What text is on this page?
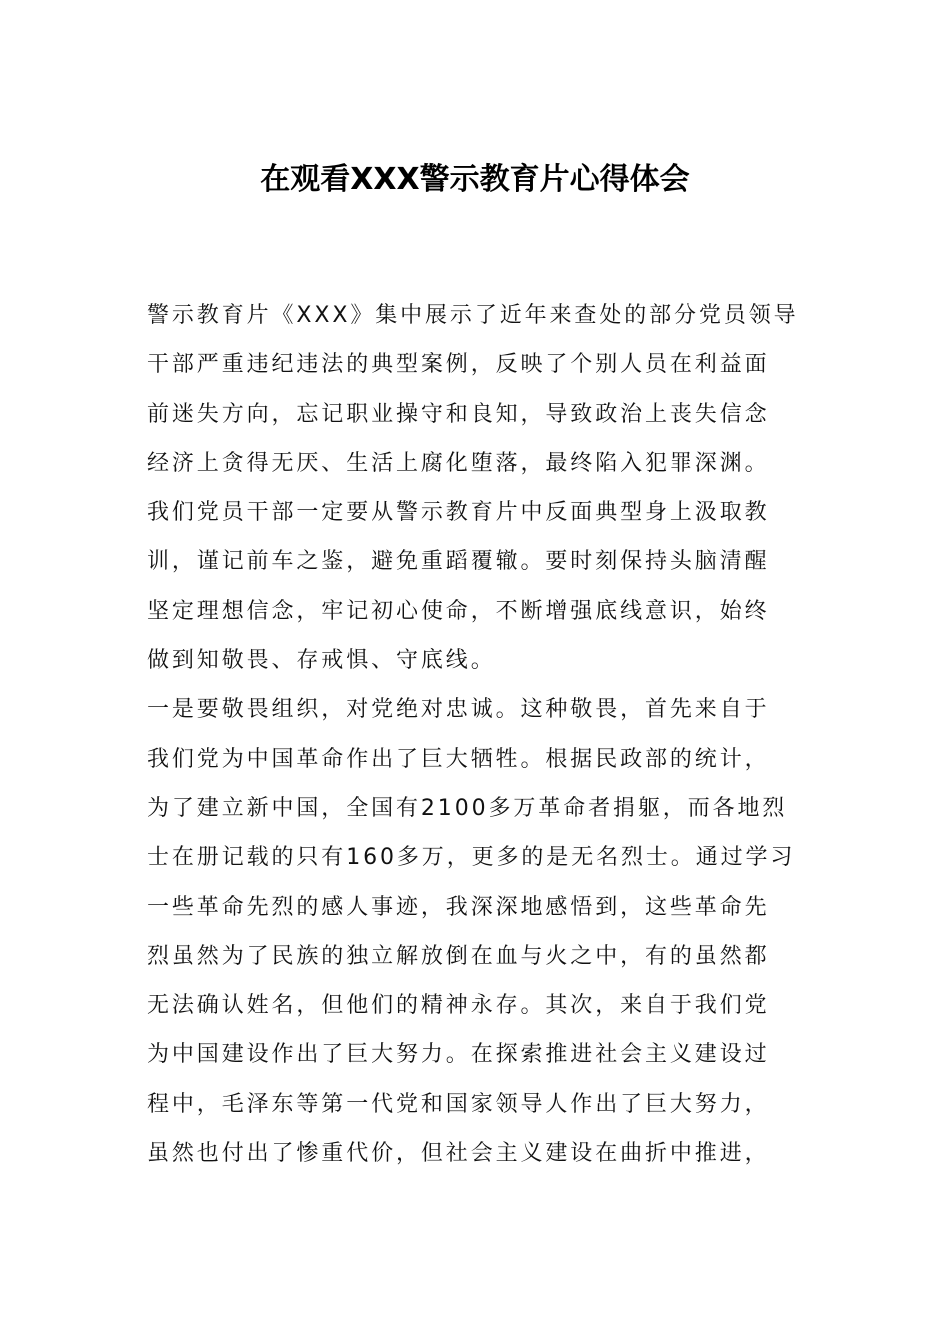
在观看XXX警示教育片心得体会
警示教育片《XXX》集中展示了近年来查处的部分党员领导
干部严重违纪违法的典型案例，反映了个别人员在利益面
前迷失方向，忘记职业操守和良知，导致政治上丧失信念
经济上贪得无厌、生活上腐化堕落，最终陷入犯罪深渊。
我们党员干部一定要从警示教育片中反面典型身上汲取教
训，谨记前车之鉴，避免重蹈覆辙。要时刻保持头脑清醒
坚定理想信念，牢记初心使命，不断增强底线意识，始终
做到知敬畏、存戒惧、守底线。
一是要敬畏组织，对党绝对忠诚。这种敬畏，首先来自于
我们党为中国革命作出了巨大牺牲。根据民政部的统计，
为了建立新中国，全国有2100多万革命者捐躯，而各地烈
士在册记载的只有160多万，更多的是无名烈士。通过学习
一些革命先烈的感人事迹，我深深地感悟到，这些革命先
烈虽然为了民族的独立解放倒在血与火之中，有的虽然都
无法确认姓名，但他们的精神永存。其次，来自于我们党
为中国建设作出了巨大努力。在探索推进社会主义建设过
程中，毛泽东等第一代党和国家领导人作出了巨大努力，
虽然也付出了惨重代价，但社会主义建设在曲折中推进，
